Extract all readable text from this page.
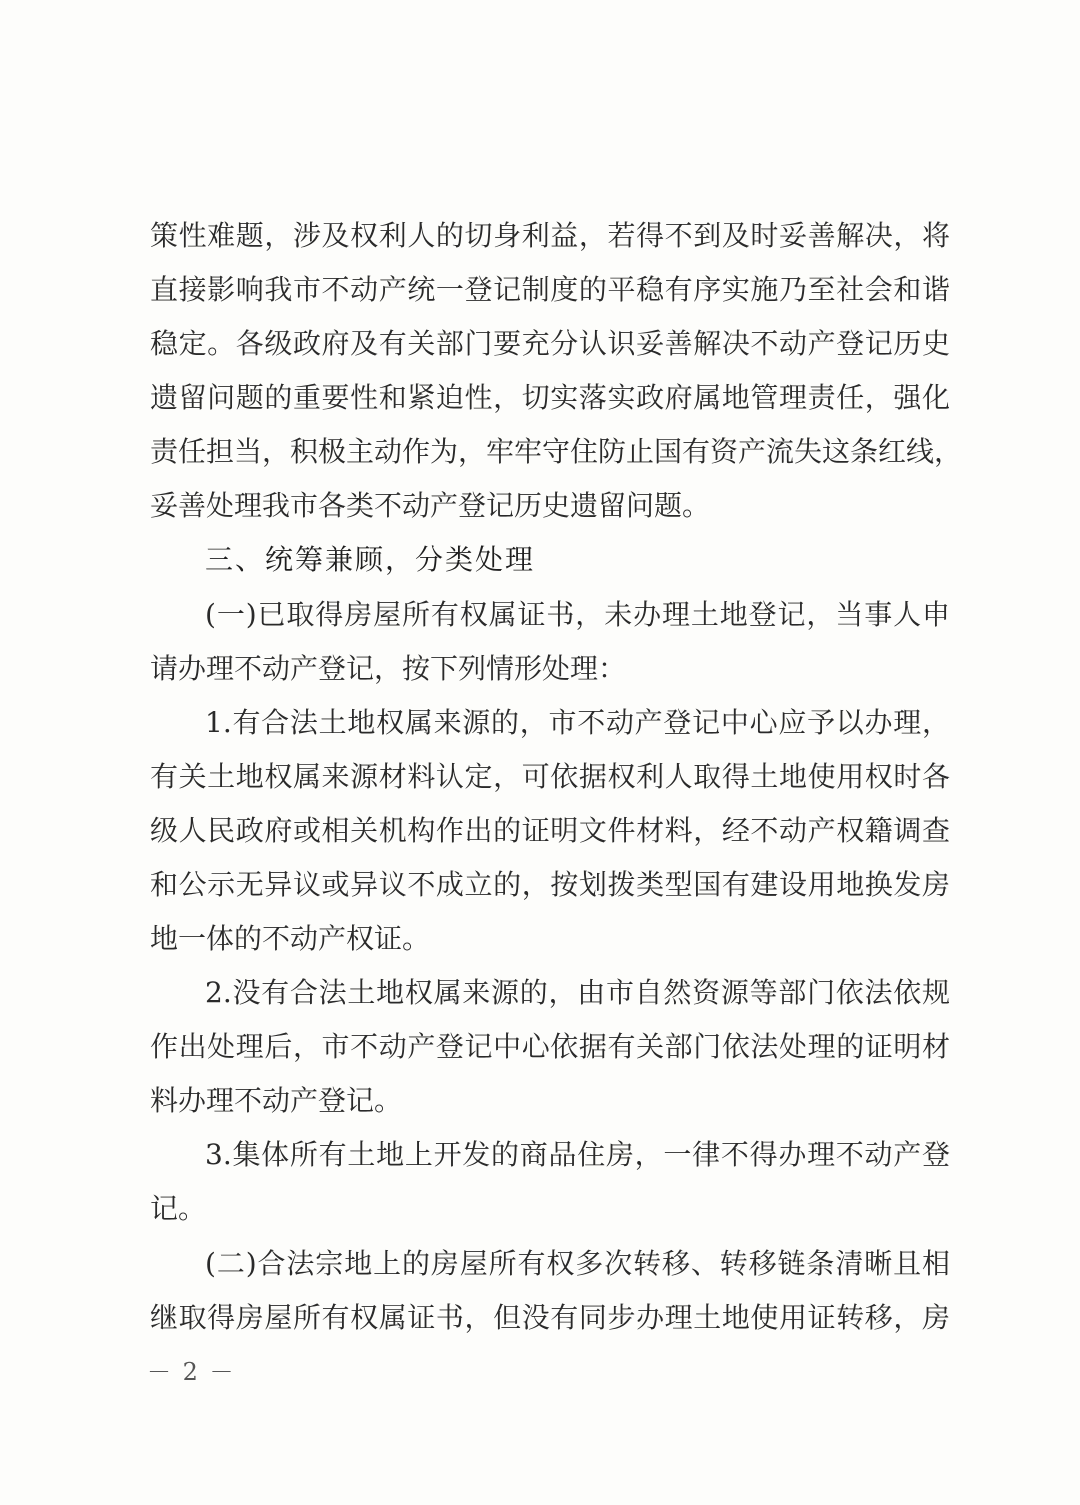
策性难题，涉及权利人的切身利益，若得不到及时妥善解决，将
直接影响我市不动产统一登记制度的平稳有序实施乃至社会和谐
稳定。各级政府及有关部门要充分认识妥善解决不动产登记历史
遗留问题的重要性和紧迫性，切实落实政府属地管理责任，强化
责任担当，积极主动作为，牢牢守住防止国有资产流失这条红线，
妥善处理我市各类不动产登记历史遗留问题。
三、统筹兼顾，分类处理
(一)已取得房屋所有权属证书，未办理土地登记，当事人申
请办理不动产登记，按下列情形处理：
1.有合法土地权属来源的，市不动产登记中心应予以办理，
有关土地权属来源材料认定，可依据权利人取得土地使用权时各
级人民政府或相关机构作出的证明文件材料，经不动产权籍调查
和公示无异议或异议不成立的，按划拨类型国有建设用地换发房
地一体的不动产权证。
2.没有合法土地权属来源的，由市自然资源等部门依法依规
作出处理后，市不动产登记中心依据有关部门依法处理的证明材
料办理不动产登记。
3.集体所有土地上开发的商品住房，一律不得办理不动产登
记。
(二)合法宗地上的房屋所有权多次转移、转移链条清晰且相
继取得房屋所有权属证书，但没有同步办理土地使用证转移，房
－ 2 －
